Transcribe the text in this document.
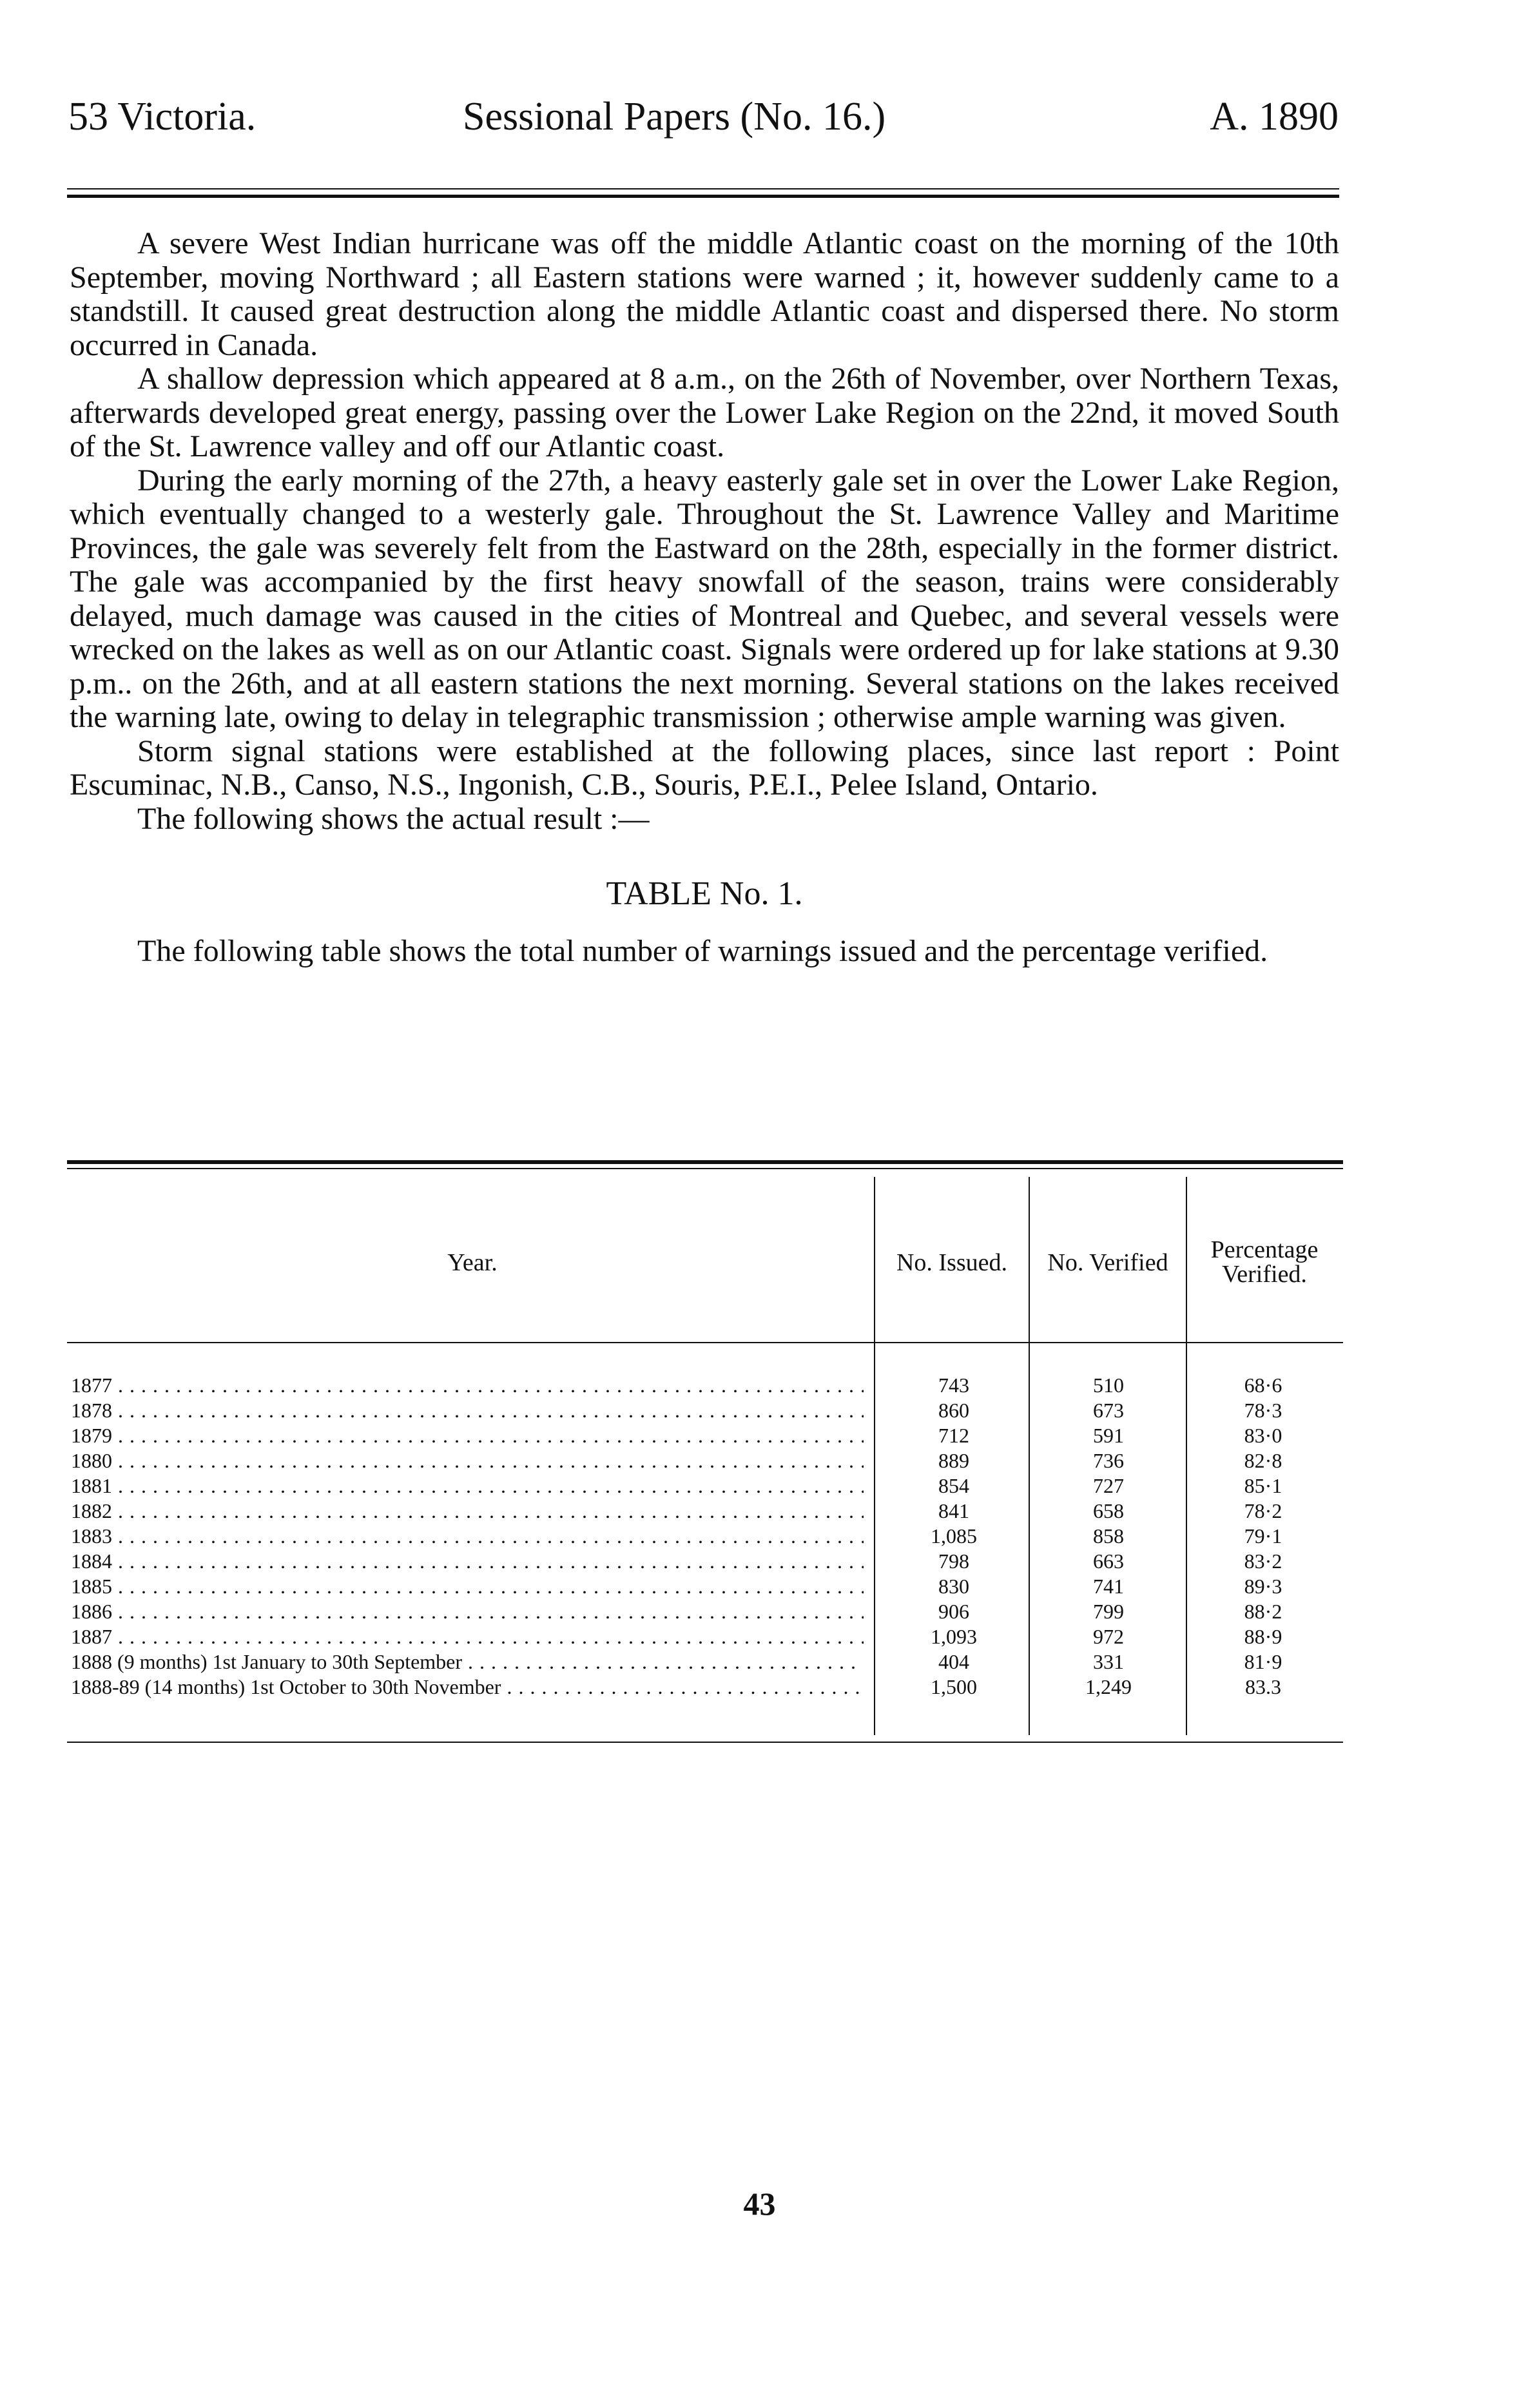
53 Victoria.	Sessional Papers (No. 16.)	A. 1890

A severe West Indian hurricane was off the middle Atlantic coast on the morning of the 10th September, moving Northward ; all Eastern stations were warned ; it, however suddenly came to a standstill. It caused great destruction along the middle Atlantic coast and dispersed there. No storm occurred in Canada.

A shallow depression which appeared at 8 a.m., on the 26th of November, over Northern Texas, afterwards developed great energy, passing over the Lower Lake Region on the 22nd, it moved South of the St. Lawrence valley and off our Atlantic coast.

During the early morning of the 27th, a heavy easterly gale set in over the Lower Lake Region, which eventually changed to a westerly gale. Throughout the St. Lawrence Valley and Maritime Provinces, the gale was severely felt from the Eastward on the 28th, especially in the former district. The gale was accompanied by the first heavy snowfall of the season, trains were considerably delayed, much damage was caused in the cities of Montreal and Quebec, and several vessels were wrecked on the lakes as well as on our Atlantic coast. Signals were ordered up for lake stations at 9.30 p.m.. on the 26th, and at all eastern stations the next morning. Several stations on the lakes received the warning late, owing to delay in telegraphic transmission ; otherwise ample warning was given.

Storm signal stations were established at the following places, since last report : Point Escuminac, N.B., Canso, N.S., Ingonish, C.B., Souris, P.E.I., Pelee Island, Ontario.

The following shows the actual result :—

TABLE No. 1.

The following table shows the total number of warnings issued and the percentage verified.

Year.	No. Issued.	No. Verified	Percentage Verified.
1877 . . .	743	510	68·6
1878 . . .	860	673	78·3
1879 . . .	712	591	83·0
1880 . . .	889	736	82·8
1881 . . .	854	727	85·1
1882 . . .	841	658	78·2
1883 . . .	1,085	858	79·1
1884 . . .	798	663	83·2
1885 . . .	830	741	89·3
1886 . . .	906	799	88·2
1887 . . .	1,093	972	88·9
1888 (9 months) 1st January to 30th September . . .	404	331	81·9
1888-89 (14 months) 1st October to 30th November . . .	1,500	1,249	83.3
43
